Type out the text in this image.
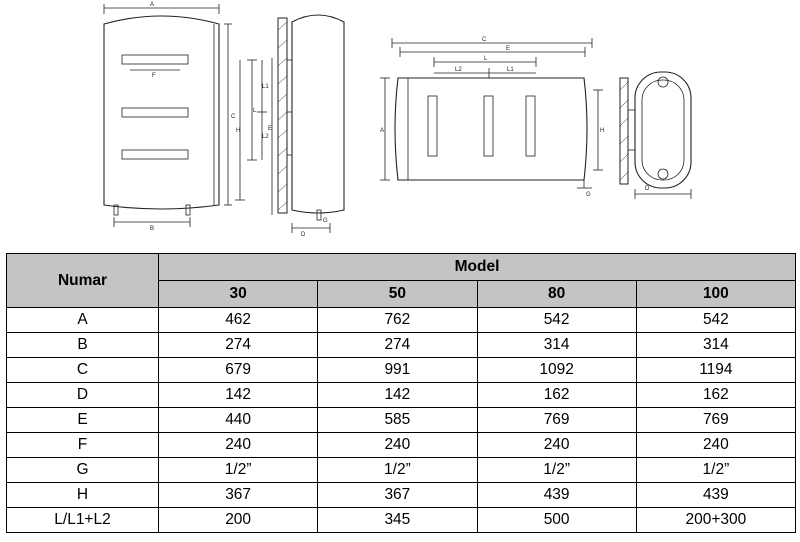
A
F
B
C
D
H
L
L1
L2
E
G
C
E
L
L2	L1
A
G
H
D
Numar	Model			
	30	50	80	100
A	462	762	542	542
B	274	274	314	314
C	679	991	1092	1194
D	142	142	162	162
E	440	585	769	769
F	240	240	240	240
G	1/2”	1/2”	1/2”	1/2”
H	367	367	439	439
L/L1+L2	200	345	500	200+300
